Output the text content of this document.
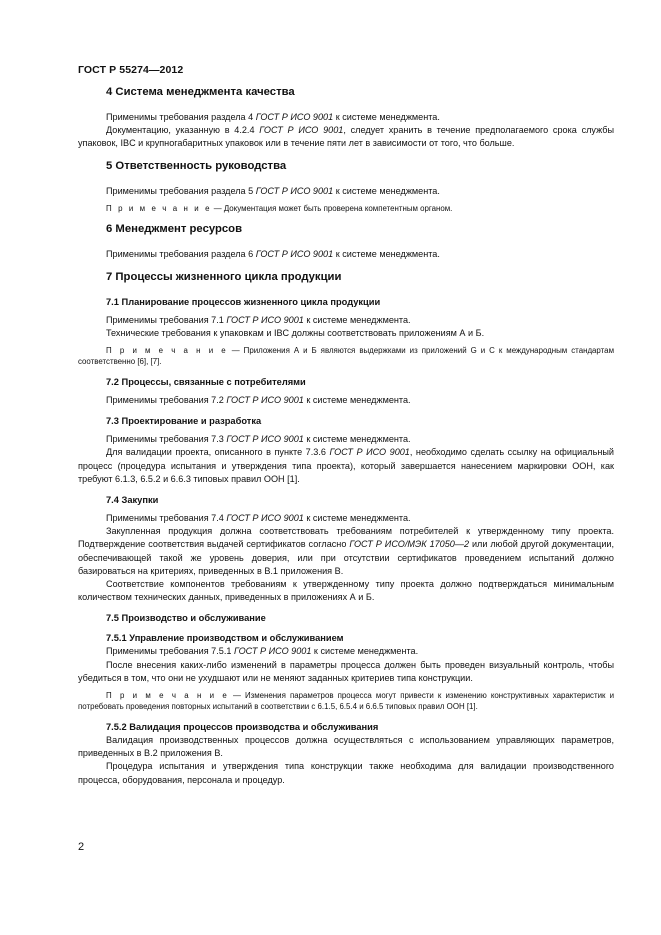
ГОСТ Р 55274—2012
4 Система менеджмента качества

Применимы требования раздела 4 ГОСТ Р ИСО 9001 к системе менеджмента.

Документацию, указанную в 4.2.4 ГОСТ Р ИСО 9001, следует хранить в течение предполагаемого срока службы упаковок, IBC и крупногабаритных упаковок или в течение пяти лет в зависимости от того, что больше.

5 Ответственность руководства

Применимы требования раздела 5 ГОСТ Р ИСО 9001 к системе менеджмента.

П р и м е ч а н и е — Документация может быть проверена компетентным органом.

6 Менеджмент ресурсов

Применимы требования раздела 6 ГОСТ Р ИСО 9001 к системе менеджмента.

7 Процессы жизненного цикла продукции
7.1 Планирование процессов жизненного цикла продукции

Применимы требования 7.1 ГОСТ Р ИСО 9001 к системе менеджмента.

Технические требования к упаковкам и IBC должны соответствовать приложениям А и Б.

П р и м е ч а н и е — Приложения А и Б являются выдержками из приложений G и С к международным стандартам соответственно [6], [7].

7.2 Процессы, связанные с потребителями

Применимы требования 7.2 ГОСТ Р ИСО 9001 к системе менеджмента.

7.3 Проектирование и разработка

Применимы требования 7.3 ГОСТ Р ИСО 9001 к системе менеджмента.

Для валидации проекта, описанного в пункте 7.3.6 ГОСТ Р ИСО 9001, необходимо сделать ссылку на официальный процесс (процедура испытания и утверждения типа проекта), который завершается нанесением маркировки ООН, как требуют 6.1.3, 6.5.2 и 6.6.3 типовых правил ООН [1].

7.4 Закупки

Применимы требования 7.4 ГОСТ Р ИСО 9001 к системе менеджмента.

Закупленная продукция должна соответствовать требованиям потребителей к утвержденному типу проекта. Подтверждение соответствия выдачей сертификатов согласно ГОСТ Р ИСО/МЭК 17050—2 или любой другой документации, обеспечивающей такой же уровень доверия, или при отсутствии сертификатов проведением испытаний должно базироваться на критериях, приведенных в В.1 приложения В.

Соответствие компонентов требованиям к утвержденному типу проекта должно подтверждаться минимальным количеством технических данных, приведенных в приложениях А и Б.

7.5 Производство и обслуживание
7.5.1 Управление производством и обслуживанием

Применимы требования 7.5.1 ГОСТ Р ИСО 9001 к системе менеджмента.

После внесения каких-либо изменений в параметры процесса должен быть проведен визуальный контроль, чтобы убедиться в том, что они не ухудшают или не меняют заданных критериев типа конструкции.

П р и м е ч а н и е — Изменения параметров процесса могут привести к изменению конструктивных характеристик и потребовать проведения повторных испытаний в соответствии с 6.1.5, 6.5.4 и 6.6.5 типовых правил ООН [1].

7.5.2 Валидация процессов производства и обслуживания

Валидация производственных процессов должна осуществляться с использованием управляющих параметров, приведенных в В.2 приложения В.

Процедура испытания и утверждения типа конструкции также необходима для валидации производственного процесса, оборудования, персонала и процедур.

2
